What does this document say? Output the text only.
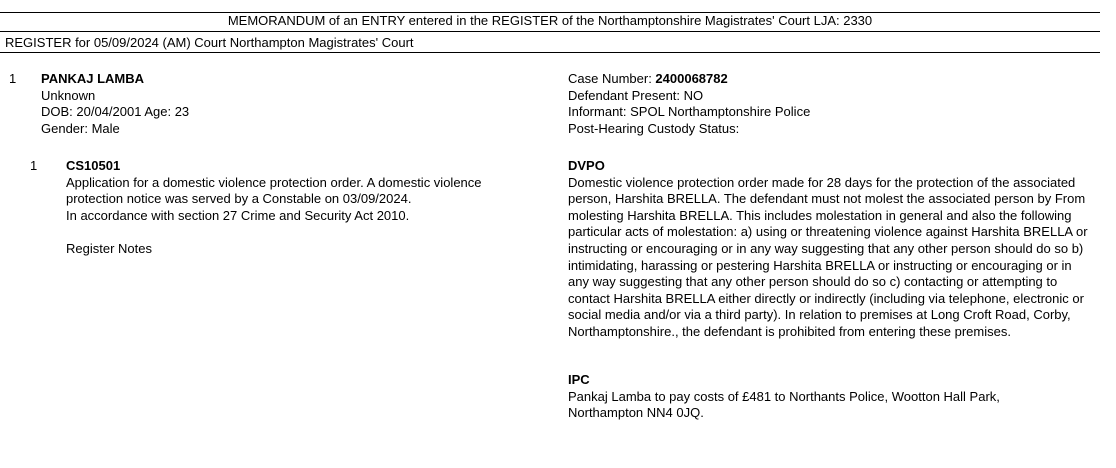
MEMORANDUM of an ENTRY entered in the REGISTER of the Northamptonshire Magistrates' Court LJA: 2330
REGISTER for 05/09/2024 (AM) Court Northampton Magistrates' Court
1 PANKAJ LAMBA
Unknown
DOB: 20/04/2001 Age: 23
Gender: Male
Case Number: 2400068782
Defendant Present: NO
Informant: SPOL Northamptonshire Police
Post-Hearing Custody Status:
1 CS10501
Application for a domestic violence protection order. A domestic violence protection notice was served by a Constable on 03/09/2024.
In accordance with section 27 Crime and Security Act 2010.
Register Notes
DVPO
Domestic violence protection order made for 28 days for the protection of the associated person, Harshita BRELLA. The defendant must not molest the associated person by From molesting Harshita BRELLA. This includes molestation in general and also the following particular acts of molestation: a) using or threatening violence against Harshita BRELLA or instructing or encouraging or in any way suggesting that any other person should do so b) intimidating, harassing or pestering Harshita BRELLA or instructing or encouraging or in any way suggesting that any other person should do so c) contacting or attempting to contact Harshita BRELLA either directly or indirectly (including via telephone, electronic or social media and/or via a third party). In relation to premises at Long Croft Road, Corby, Northamptonshire., the defendant is prohibited from entering these premises.
IPC
Pankaj Lamba to pay costs of £481 to Northants Police, Wootton Hall Park, Northampton NN4 0JQ.
